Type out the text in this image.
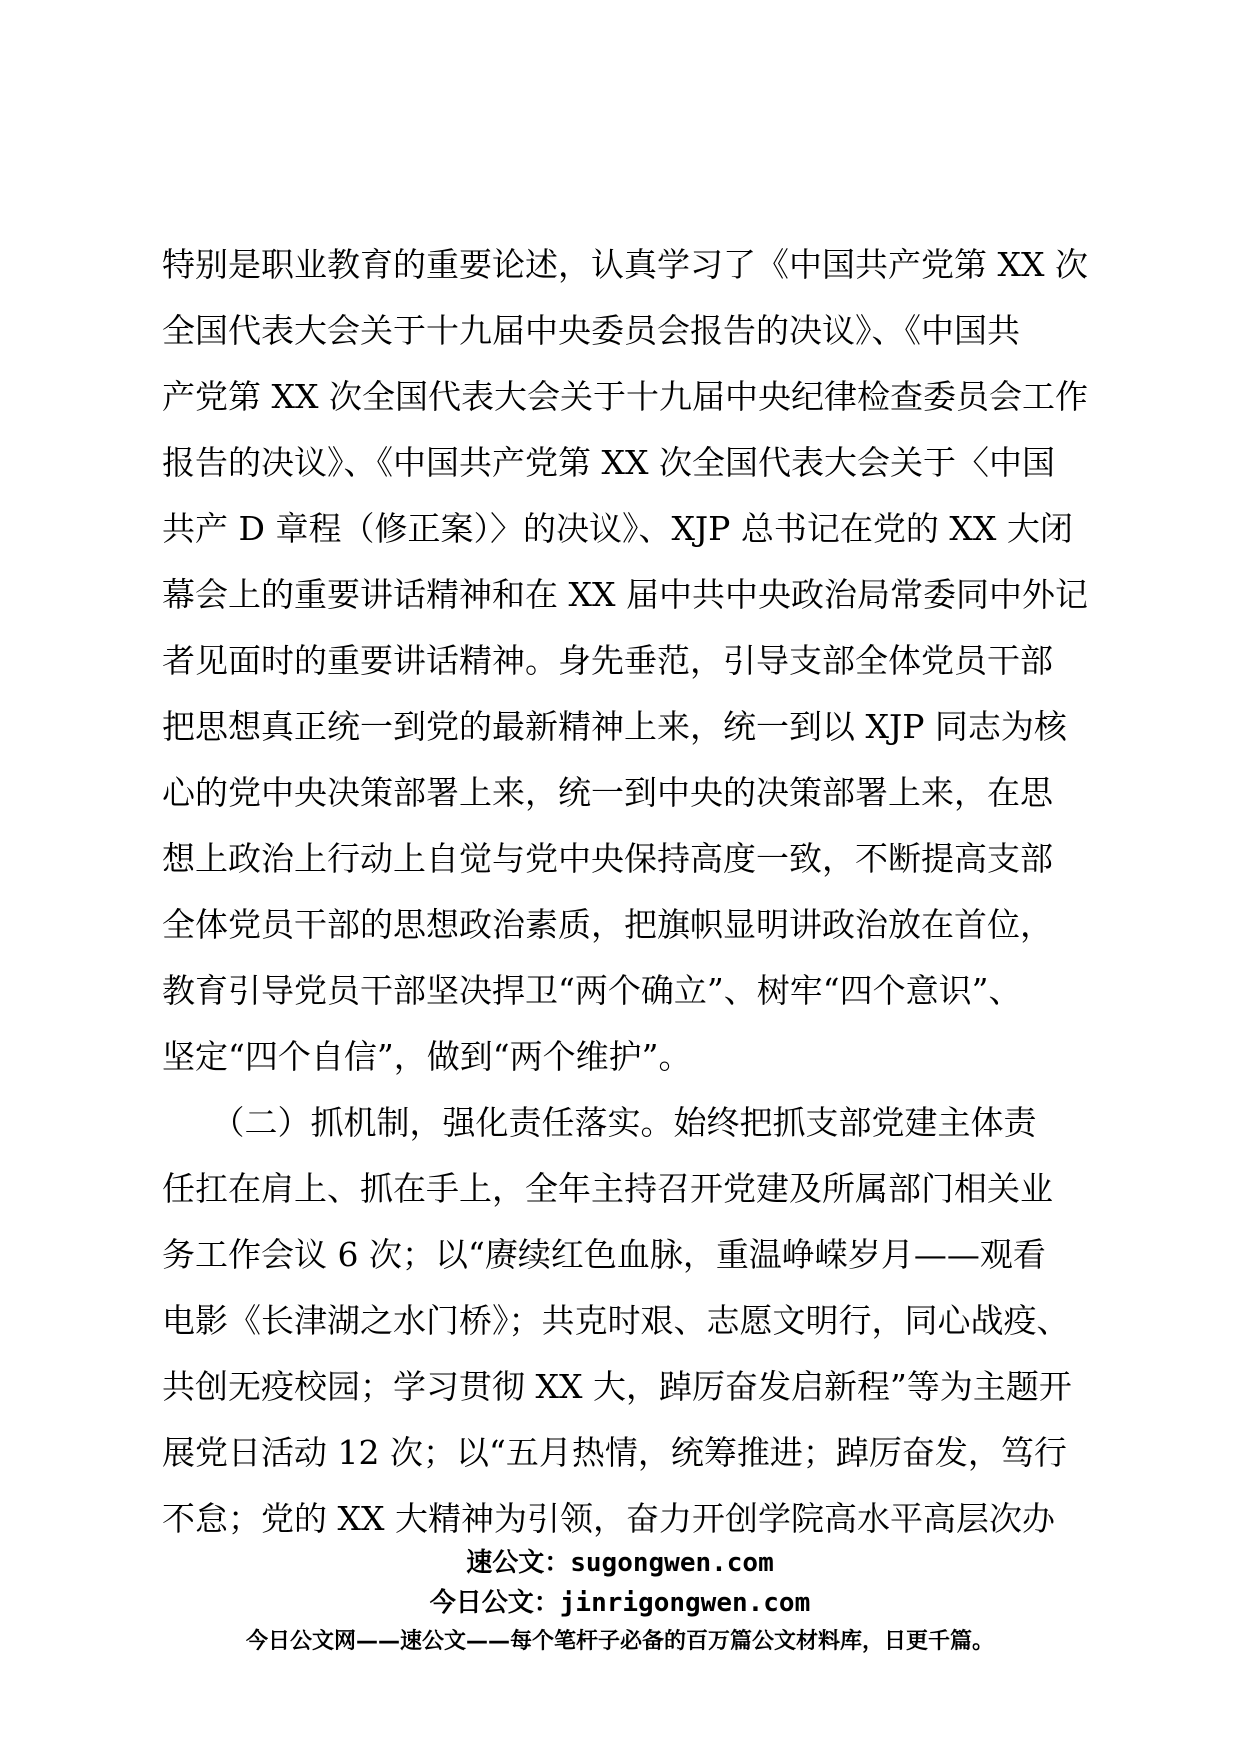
特别是职业教育的重要论述，认真学习了《中国共产党第 XX 次
全国代表大会关于十九届中央委员会报告的决议》、《中国共
产党第 XX 次全国代表大会关于十九届中央纪律检查委员会工作
报告的决议》、《中国共产党第 XX 次全国代表大会关于〈中国
共产 D 章程（修正案）〉的决议》、XJP 总书记在党的 XX 大闭
幕会上的重要讲话精神和在 XX 届中共中央政治局常委同中外记
者见面时的重要讲话精神。身先垂范，引导支部全体党员干部
把思想真正统一到党的最新精神上来，统一到以 XJP 同志为核
心的党中央决策部署上来，统一到中央的决策部署上来，在思
想上政治上行动上自觉与党中央保持高度一致，不断提高支部
全体党员干部的思想政治素质，把旗帜显明讲政治放在首位，
教育引导党员干部坚决捍卫“两个确立”、树牢“四个意识”、
坚定“四个自信”，做到“两个维护”。
　　（二）抓机制，强化责任落实。始终把抓支部党建主体责
任扛在肩上、抓在手上，全年主持召开党建及所属部门相关业
务工作会议 6 次；以“赓续红色血脉，重温峥嵘岁月——观看
电影《长津湖之水门桥》；共克时艰、志愿文明行，同心战疫、
共创无疫校园；学习贯彻 XX 大，踔厉奋发启新程”等为主题开
展党日活动 12 次；以“五月热情，统筹推进；踔厉奋发，笃行
不怠；党的 XX 大精神为引领，奋力开创学院高水平高层次办
速公文：sugongwen.com
今日公文：jinrigongwen.com
今日公文网——速公文——每个笔杆子必备的百万篇公文材料库，日更千篇。
